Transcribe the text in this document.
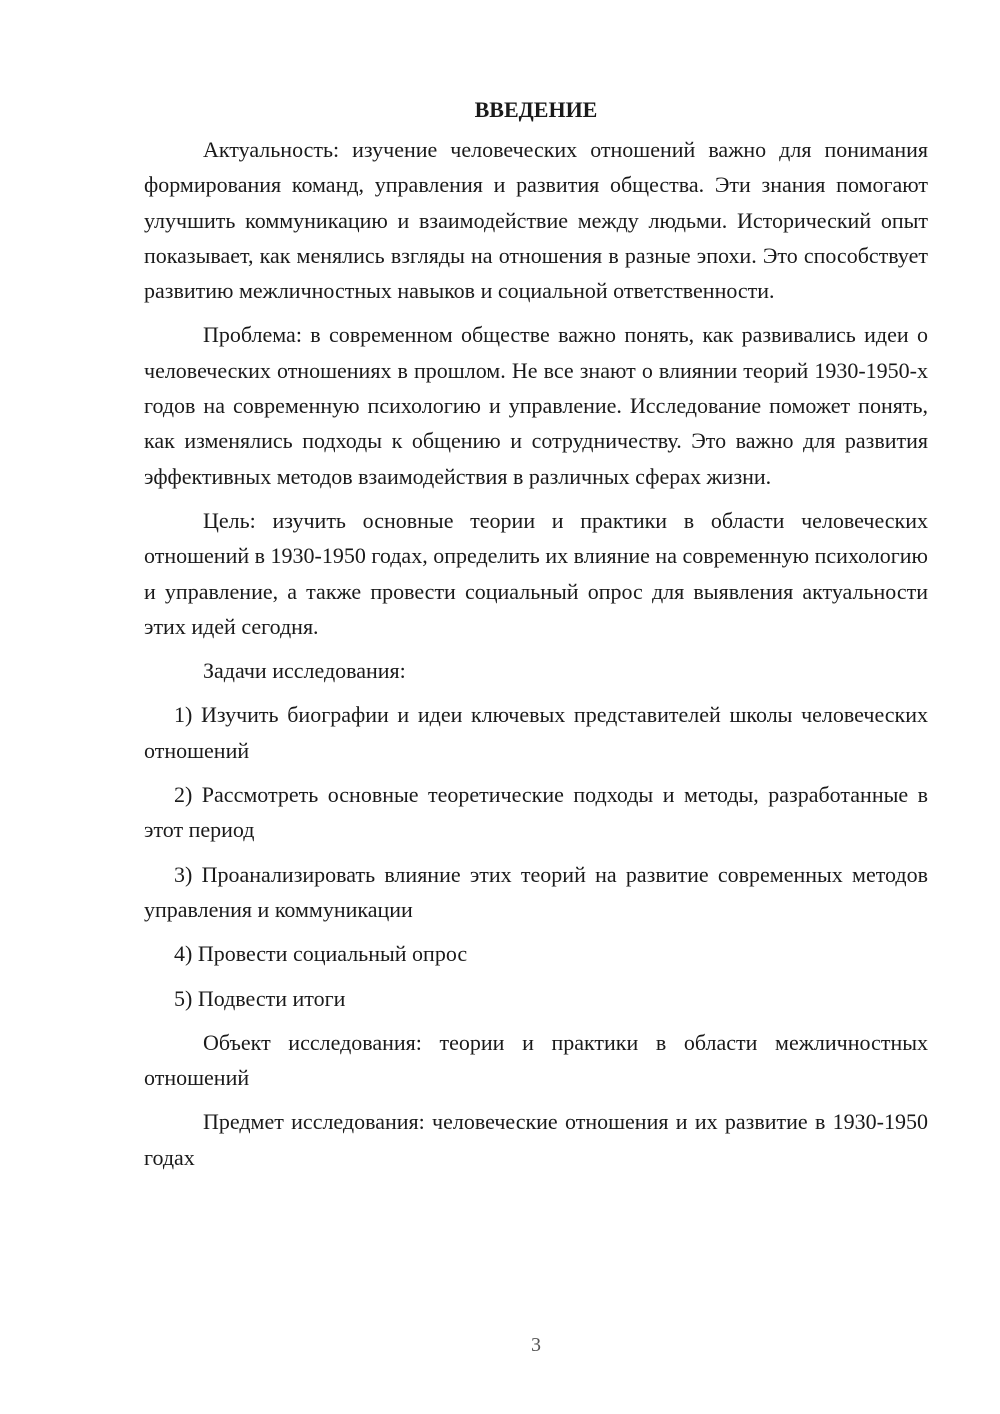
ВВЕДЕНИЕ

Актуальность: изучение человеческих отношений важно для понимания формирования команд, управления и развития общества. Эти знания помогают улучшить коммуникацию и взаимодействие между людьми. Исторический опыт показывает, как менялись взгляды на отношения в разные эпохи. Это способствует развитию межличностных навыков и социальной ответственности.

Проблема: в современном обществе важно понять, как развивались идеи о человеческих отношениях в прошлом. Не все знают о влиянии теорий 1930-1950-х годов на современную психологию и управление. Исследование поможет понять, как изменялись подходы к общению и сотрудничеству. Это важно для развития эффективных методов взаимодействия в различных сферах жизни.

Цель: изучить основные теории и практики в области человеческих отношений в 1930-1950 годах, определить их влияние на современную психологию и управление, а также провести социальный опрос для выявления актуальности этих идей сегодня.

Задачи исследования:

1) Изучить биографии и идеи ключевых представителей школы человеческих отношений

2) Рассмотреть основные теоретические подходы и методы, разработанные в этот период

3) Проанализировать влияние этих теорий на развитие современных методов управления и коммуникации

4) Провести социальный опрос

5) Подвести итоги

Объект исследования: теории и практики в области межличностных отношений

Предмет исследования: человеческие отношения и их развитие в 1930-1950 годах

3
